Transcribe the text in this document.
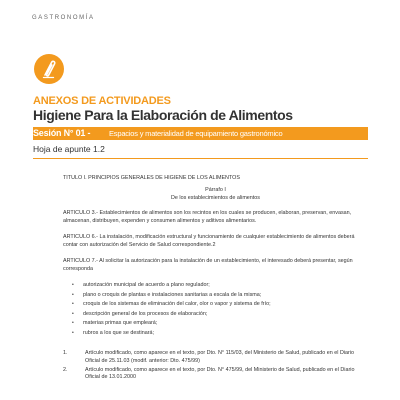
GASTRONOMÍA
ANEXOS DE ACTIVIDADES
Higiene Para la Elaboración de Alimentos
Sesión N° 01 - Espacios y materialidad de equipamiento gastronómico
Hoja de apunte 1.2
TITULO I. PRINCIPIOS GENERALES DE HIGIENE DE LOS ALIMENTOS
Párrafo I
De los establecimientos de alimentos
ARTICULO 3.- Establecimientos de alimentos son los recintos en los cuales se producen, elaboran, preservan, envasan, almacenan, distribuyen, expenden y consumen alimentos y aditivos alimentarios.
ARTICULO 6.- La instalación, modificación estructural y funcionamiento de cualquier establecimiento de alimentos deberá contar con autorización del Servicio de Salud correspondiente.2
ARTICULO 7.- Al solicitar la autorización para la instalación de un establecimiento, el interesado deberá presentar, según corresponda
• autorización municipal de acuerdo a plano regulador;
• plano o croquis de plantas e instalaciones sanitarias a escala de la misma;
• croquis de los sistemas de eliminación del calor, olor o vapor y sistema de frío;
• descripción general de los procesos de elaboración;
• materias primas que empleará;
• rubros a los que se destinará;
1.	Artículo modificado, como aparece en el texto, por Dto. N° 115/03, del Ministerio de Salud, publicado en el Diario Oficial de 25.11.03 (modif. anterior: Dto. 475/99)
2.	Artículo modificado, como aparece en el texto, por Dto. N° 475/99, del Ministerio de Salud, publicado en el Diario Oficial de 13.01.2000
